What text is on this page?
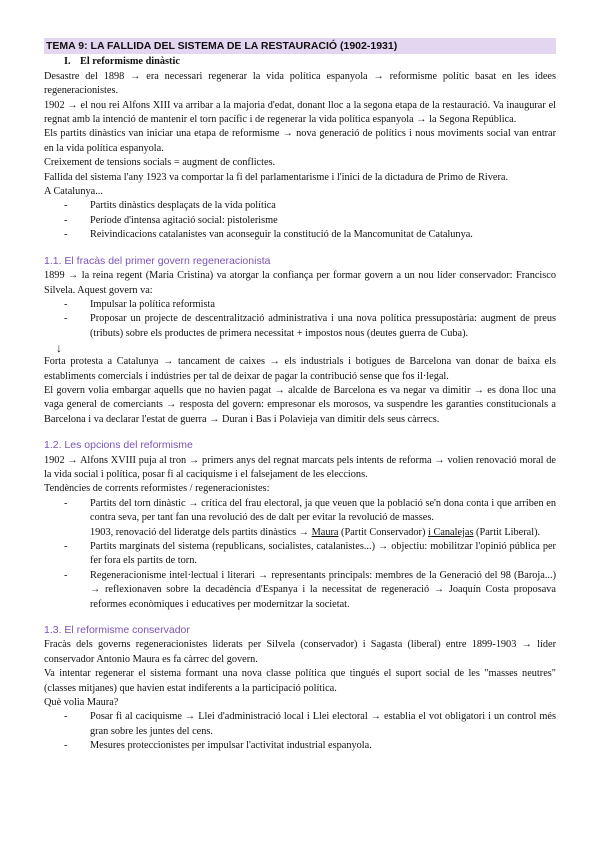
TEMA 9: LA FALLIDA DEL SISTEMA DE LA RESTAURACIÓ (1902-1931)
I. El reformisme dinàstic

Desastre del 1898 → era necessari regenerar la vida política espanyola → reformisme polític basat en les idees regeneracionistes.

1902 → el nou rei Alfons XIII va arribar a la majoria d'edat, donant lloc a la segona etapa de la restauració. Va inaugurar el regnat amb la intenció de mantenir el torn pacífic i de regenerar la vida política espanyola → la Segona República.

Els partits dinàstics van iniciar una etapa de reformisme → nova generació de polítics i nous moviments social van entrar en la vida política espanyola.

Creixement de tensions socials = augment de conflictes.

Fallida del sistema l'any 1923 va comportar la fi del parlamentarisme i l'inici de la dictadura de Primo de Rivera.

A Catalunya...

- Partits dinàstics desplaçats de la vida política
- Període d'intensa agitació social: pistolerisme
- Reivindicacions catalanistes van aconseguir la constitució de la Mancomunitat de Catalunya.
1.1. El fracàs del primer govern regeneracionista

1899 → la reina regent (Maria Cristina) va atorgar la confiança per formar govern a un nou líder conservador: Francisco Silvela. Aquest govern va:

- Impulsar la política reformista
- Proposar un projecte de descentralització administrativa i una nova política pressupostària: augment de preus (tributs) sobre els productes de primera necessitat + impostos nous (deutes guerra de Cuba).
↓

Forta protesta a Catalunya → tancament de caixes → els industrials i botigues de Barcelona van donar de baixa els establiments comercials i indústries per tal de deixar de pagar la contribució sense que fos il·legal.

El govern volia embargar aquells que no havien pagat → alcalde de Barcelona es va negar va dimitir → es dona lloc una vaga general de comerciants → resposta del govern: empresonar els morosos, va suspendre les garanties constitucionals a Barcelona i va declarar l'estat de guerra → Duran i Bas i Polavieja van dimitir dels seus càrrecs.

1.2. Les opcions del reformisme

1902 → Alfons XVIII puja al tron → primers anys del regnat marcats pels intents de reforma → volien renovació moral de la vida social i política, posar fi al caciquisme i el falsejament de les eleccions.

Tendències de corrents reformistes / regeneracionistes:

- Partits del torn dinàstic → crítica del frau electoral, ja que veuen que la població se'n dona conta i que arriben en contra seva, per tant fan una revolució des de dalt per evitar la revolució de masses.
1903, renovació del lideratge dels partits dinàstics → Maura (Partit Conservador) i Canalejas (Partit Liberal).
- Partits marginats del sistema (republicans, socialistes, catalanistes...) → objectiu: mobilitzar l'opinió pública per fer fora els partits de torn.
- Regeneracionisme intel·lectual i literari → representants principals: membres de la Generació del 98 (Baroja...) → reflexionaven sobre la decadència d'Espanya i la necessitat de regeneració → Joaquín Costa proposava reformes econòmiques i educatives per modernitzar la societat.
1.3. El reformisme conservador

Fracàs dels governs regeneracionistes liderats per Silvela (conservador) i Sagasta (liberal) entre 1899-1903 → líder conservador Antonio Maura es fa càrrec del govern.

Va intentar regenerar el sistema formant una nova classe política que tingués el suport social de les "masses neutres" (classes mitjanes) que havien estat indiferents a la participació política.

Què volia Maura?

- Posar fi al caciquisme → Llei d'administració local i Llei electoral → establia el vot obligatori i un control més gran sobre les juntes del cens.
- Mesures proteccionistes per impulsar l'activitat industrial espanyola.
